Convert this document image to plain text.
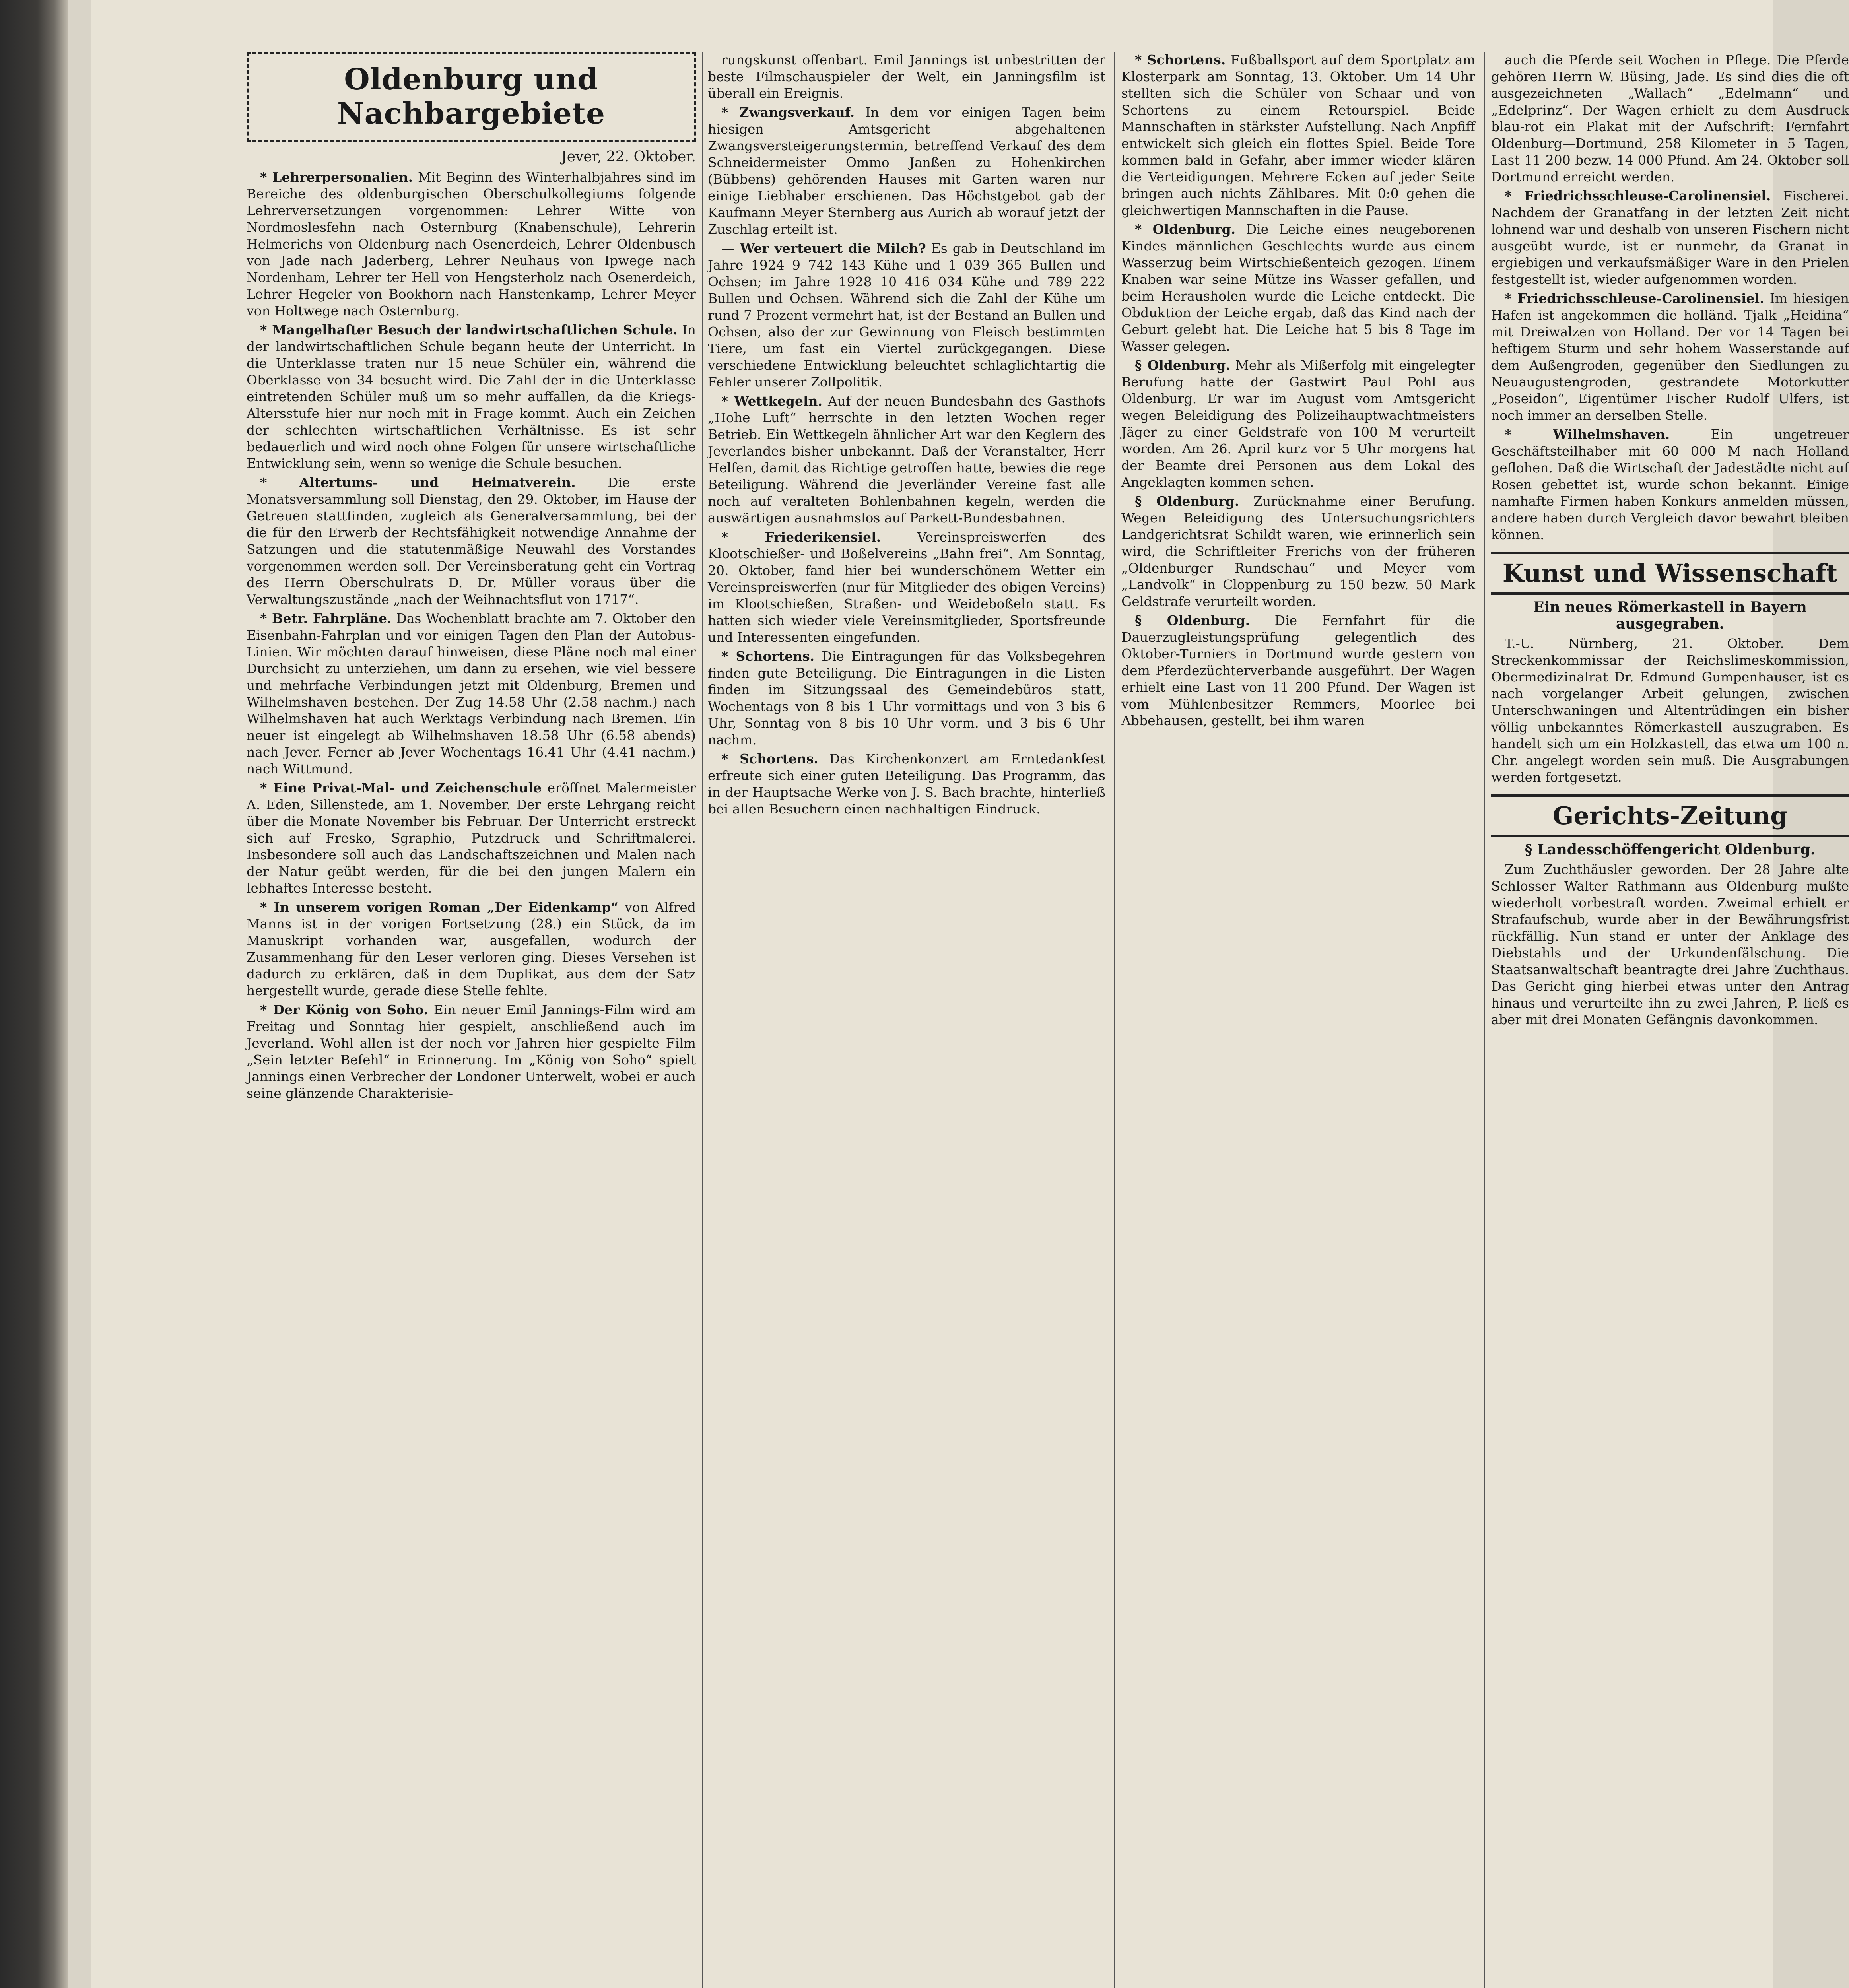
Oldenburg und Nachbargebiete
Jever, 22. Oktober.

* Lehrerpersonalien. Mit Beginn des Winterhalbjahres sind im Bereiche des oldenburgischen Oberschulkollegiums folgende Lehrerversetzungen vorgenommen: Lehrer Witte von Nordmoslesfehn nach Osternburg (Knabenschule), Lehrerin Helmerichs von Oldenburg nach Osenerdeich, Lehrer Oldenbusch von Jade nach Jaderberg, Lehrer Neuhaus von Ipwege nach Nordenham, Lehrer ter Hell von Hengsterholz nach Osenerdeich, Lehrer Hegeler von Bookhorn nach Hanstenkamp, Lehrer Meyer von Holtwege nach Osternburg.

* Mangelhafter Besuch der landwirtschaftlichen Schule. In der landwirtschaftlichen Schule begann heute der Unterricht. In die Unterklasse traten nur 15 neue Schüler ein, während die Oberklasse von 34 besucht wird. Die Zahl der in die Unterklasse eintretenden Schüler muß um so mehr auffallen, da die Kriegs-Altersstufe hier nur noch mit in Frage kommt. Auch ein Zeichen der schlechten wirtschaftlichen Verhältnisse. Es ist sehr bedauerlich und wird noch ohne Folgen für unsere wirtschaftliche Entwicklung sein, wenn so wenige die Schule besuchen.

* Altertums- und Heimatverein. Die erste Monatsversammlung soll Dienstag, den 29. Oktober, im Hause der Getreuen stattfinden, zugleich als Generalversammlung, bei der die für den Erwerb der Rechtsfähigkeit notwendige Annahme der Satzungen und die statutenmäßige Neuwahl des Vorstandes vorgenommen werden soll. Der Vereinsberatung geht ein Vortrag des Herrn Oberschulrats D. Dr. Müller voraus über die Verwaltungszustände „nach der Weihnachtsflut von 1717“.

* Betr. Fahrpläne. Das Wochenblatt brachte am 7. Oktober den Eisenbahn-Fahrplan und vor einigen Tagen den Plan der Autobus-Linien. Wir möchten darauf hinweisen, diese Pläne noch mal einer Durchsicht zu unterziehen, um dann zu ersehen, wie viel bessere und mehrfache Verbindungen jetzt mit Oldenburg, Bremen und Wilhelmshaven bestehen. Der Zug 14.58 Uhr (2.58 nachm.) nach Wilhelmshaven hat auch Werktags Verbindung nach Bremen. Ein neuer ist eingelegt ab Wilhelmshaven 18.58 Uhr (6.58 abends) nach Jever. Ferner ab Jever Wochentags 16.41 Uhr (4.41 nachm.) nach Wittmund.

* Eine Privat-Mal- und Zeichenschule eröffnet Malermeister A. Eden, Sillenstede, am 1. November. Der erste Lehrgang reicht über die Monate November bis Februar. Der Unterricht erstreckt sich auf Fresko, Sgraphio, Putzdruck und Schriftmalerei. Insbesondere soll auch das Landschaftszeichnen und Malen nach der Natur geübt werden, für die bei den jungen Malern ein lebhaftes Interesse besteht.

* In unserem vorigen Roman „Der Eidenkamp“ von Alfred Manns ist in der vorigen Fortsetzung (28.) ein Stück, da im Manuskript vorhanden war, ausgefallen, wodurch der Zusammenhang für den Leser verloren ging. Dieses Versehen ist dadurch zu erklären, daß in dem Duplikat, aus dem der Satz hergestellt wurde, gerade diese Stelle fehlte.

* Der König von Soho. Ein neuer Emil Jannings-Film wird am Freitag und Sonntag hier gespielt, anschließend auch im Jeverland. Wohl allen ist der noch vor Jahren hier gespielte Film „Sein letzter Befehl“ in Erinnerung. Im „König von Soho“ spielt Jannings einen Verbrecher der Londoner Unterwelt, wobei er auch seine glänzende Charakterisie-

rungskunst offenbart. Emil Jannings ist unbestritten der beste Filmschauspieler der Welt, ein Janningsfilm ist überall ein Ereignis.

* Zwangsverkauf. In dem vor einigen Tagen beim hiesigen Amtsgericht abgehaltenen Zwangsversteigerungstermin, betreffend Verkauf des dem Schneidermeister Ommo Janßen zu Hohenkirchen (Bübbens) gehörenden Hauses mit Garten waren nur einige Liebhaber erschienen. Das Höchstgebot gab der Kaufmann Meyer Sternberg aus Aurich ab worauf jetzt der Zuschlag erteilt ist.

— Wer verteuert die Milch? Es gab in Deutschland im Jahre 1924 9 742 143 Kühe und 1 039 365 Bullen und Ochsen; im Jahre 1928 10 416 034 Kühe und 789 222 Bullen und Ochsen. Während sich die Zahl der Kühe um rund 7 Prozent vermehrt hat, ist der Bestand an Bullen und Ochsen, also der zur Gewinnung von Fleisch bestimmten Tiere, um fast ein Viertel zurückgegangen. Diese verschiedene Entwicklung beleuchtet schlaglichtartig die Fehler unserer Zollpolitik.

* Wettkegeln. Auf der neuen Bundesbahn des Gasthofs „Hohe Luft“ herrschte in den letzten Wochen reger Betrieb. Ein Wettkegeln ähnlicher Art war den Keglern des Jeverlandes bisher unbekannt. Daß der Veranstalter, Herr Helfen, damit das Richtige getroffen hatte, bewies die rege Beteiligung. Während die Jeverländer Vereine fast alle noch auf veralteten Bohlenbahnen kegeln, werden die auswärtigen ausnahmslos auf Parkett-Bundesbahnen.

* Friederikensiel.	Vereinspreiswerfen des Klootschießer- und Boßelvereins „Bahn frei“. Am Sonntag, 20. Oktober, fand hier bei wunderschönem Wetter ein Vereinspreiswerfen (nur für Mitglieder des obigen Vereins) im Klootschießen, Straßen- und Weideboßeln statt. Es hatten sich wieder viele Vereinsmitglieder, Sportsfreunde und Interessenten eingefunden.

* Schortens. Die Eintragungen für das Volksbegehren finden gute Beteiligung. Die Eintragungen in die Listen finden im Sitzungssaal des Gemeindebüros statt, Wochentags von 8 bis 1 Uhr vormittags und von 3 bis 6 Uhr, Sonntag von 8 bis 10 Uhr vorm. und 3 bis 6 Uhr nachm.

* Schortens. Das Kirchenkonzert am Erntedankfest erfreute sich einer guten Beteiligung. Das Programm, das in der Hauptsache Werke von J. S. Bach brachte, hinterließ bei allen Besuchern einen nachhaltigen Eindruck.

* Schortens. Fußballsport auf dem Sportplatz am Klosterpark am Sonntag, 13. Oktober. Um 14 Uhr stellten sich die Schüler von Schaar und von Schortens zu einem Retourspiel. Beide Mannschaften in stärkster Aufstellung. Nach Anpfiff entwickelt sich gleich ein flottes Spiel. Beide Tore kommen bald in Gefahr, aber immer wieder klären die Verteidigungen. Mehrere Ecken auf jeder Seite bringen auch nichts Zählbares. Mit 0:0 gehen die gleichwertigen Mannschaften in die Pause.

* Oldenburg. Die Leiche eines neugeborenen Kindes männlichen Geschlechts wurde aus einem Wasserzug beim Wirtschießenteich gezogen. Einem Knaben war seine Mütze ins Wasser gefallen, und beim Herausholen wurde die Leiche entdeckt. Die Obduktion der Leiche ergab, daß das Kind nach der Geburt gelebt hat. Die Leiche hat 5 bis 8 Tage im Wasser gelegen.

§ Oldenburg. Mehr als Mißerfolg mit eingelegter Berufung hatte der Gastwirt Paul Pohl aus Oldenburg. Er war im August vom Amtsgericht wegen Beleidigung des Polizeihauptwachtmeisters Jäger zu einer Geldstrafe von 100 M verurteilt worden. Am 26. April kurz vor 5 Uhr morgens hat der Beamte drei Personen aus dem Lokal des Angeklagten kommen sehen.

§ Oldenburg. Zurücknahme einer Berufung. Wegen Beleidigung des Untersuchungsrichters Landgerichtsrat Schildt waren, wie erinnerlich sein wird, die Schriftleiter Frerichs von der früheren „Oldenburger Rundschau“ und Meyer vom „Landvolk“ in Cloppenburg zu 150 bezw. 50 Mark Geldstrafe verurteilt worden.

§ Oldenburg. Die Fernfahrt für die Dauerzugleistungsprüfung gelegentlich des Oktober-Turniers in Dortmund wurde gestern von dem Pferdezüchterverbande ausgeführt. Der Wagen erhielt eine Last von 11 200 Pfund. Der Wagen ist vom Mühlenbesitzer Remmers, Moorlee bei Abbehausen, gestellt, bei ihm waren

auch die Pferde seit Wochen in Pflege. Die Pferde gehören Herrn W. Büsing, Jade. Es sind dies die oft ausgezeichneten „Wallach“ „Edelmann“ und „Edelprinz“. Der Wagen erhielt zu dem Ausdruck blau-rot ein Plakat mit der Aufschrift: Fernfahrt Oldenburg—Dortmund, 258 Kilometer in 5 Tagen, Last 11 200 bezw. 14 000 Pfund. Am 24. Oktober soll Dortmund erreicht werden.

* Friedrichsschleuse-Carolinensiel. Fischerei. Nachdem der Granatfang in der letzten Zeit nicht lohnend war und deshalb von unseren Fischern nicht ausgeübt wurde, ist er nunmehr, da Granat in ergiebigen und verkaufsmäßiger Ware in den Prielen festgestellt ist, wieder aufgenommen worden.

* Friedrichsschleuse-Carolinensiel. Im hiesigen Hafen ist angekommen die holländ. Tjalk „Heidina“ mit Dreiwalzen von Holland. Der vor 14 Tagen bei heftigem Sturm und sehr hohem Wasserstande auf dem Außengroden, gegenüber den Siedlungen zu Neuaugustengroden, gestrandete Motorkutter „Poseidon“, Eigentümer Fischer Rudolf Ulfers, ist noch immer an derselben Stelle.

* Wilhelmshaven.	Ein ungetreuer Geschäftsteilhaber mit 60 000 M nach Holland geflohen. Daß die Wirtschaft der Jadestädte nicht auf Rosen gebettet ist, wurde schon bekannt. Einige namhafte Firmen haben Konkurs anmelden müssen, andere haben durch Vergleich davor bewahrt bleiben können.

Kunst und Wissenschaft
Ein neues Römerkastell in Bayern ausgegraben.

T.-U. Nürnberg, 21. Oktober. Dem Streckenkommissar der Reichslimeskommission, Obermedizinalrat Dr. Edmund Gumpenhauser, ist es nach vorgelanger Arbeit gelungen, zwischen Unterschwaningen und Altentrüdingen ein bisher völlig unbekanntes Römerkastell auszugraben. Es handelt sich um ein Holzkastell, das etwa um 100 n. Chr. angelegt worden sein muß. Die Ausgrabungen werden fortgesetzt.

Gerichts-Zeitung
§ Landesschöffengericht Oldenburg.

Zum Zuchthäusler geworden. Der 28 Jahre alte Schlosser Walter Rathmann aus Oldenburg mußte wiederholt vorbestraft worden. Zweimal erhielt er Strafaufschub, wurde aber in der Bewährungsfrist rückfällig. Nun stand er unter der Anklage des Diebstahls und der Urkundenfälschung. Die Staatsanwaltschaft beantragte drei Jahre Zuchthaus. Das Gericht ging hierbei etwas unter den Antrag hinaus und verurteilte ihn zu zwei Jahren, P. ließ es aber mit drei Monaten Gefängnis davonkommen.
